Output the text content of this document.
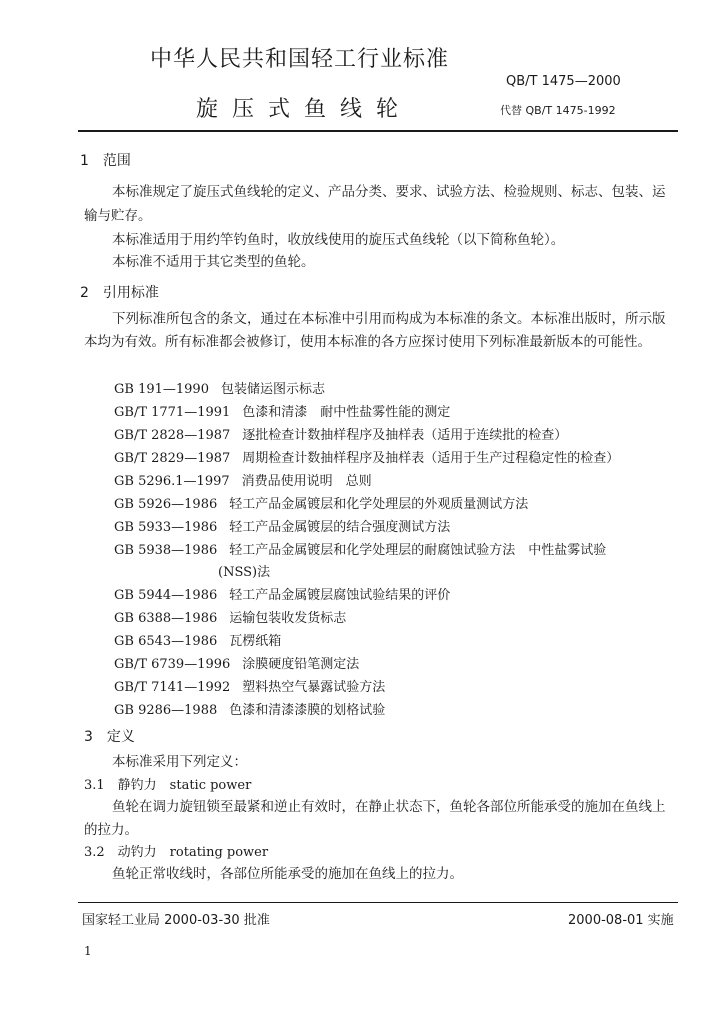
中华人民共和国轻工行业标准
QB/T 1475—2000
旋压式鱼线轮	代替 QB/T 1475-1992
1　范围
本标准规定了旋压式鱼线轮的定义、产品分类、要求、试验方法、检验规则、标志、包装、运输与贮存。
本标准适用于用约竿钓鱼时，收放线使用的旋压式鱼线轮（以下简称鱼轮）。
本标准不适用于其它类型的鱼轮。
2　引用标准
下列标准所包含的条文，通过在本标准中引用而构成为本标准的条文。本标准出版时，所示版本均为有效。所有标准都会被修订，使用本标准的各方应探讨使用下列标准最新版本的可能性。
GB 191—1990 包装储运图示标志
GB/T 1771—1991 色漆和清漆　耐中性盐雾性能的测定
GB/T 2828—1987 逐批检查计数抽样程序及抽样表（适用于连续批的检查）
GB/T 2829—1987 周期检查计数抽样程序及抽样表（适用于生产过程稳定性的检查）
GB 5296.1—1997 消费品使用说明　总则
GB 5926—1986 轻工产品金属镀层和化学处理层的外观质量测试方法
GB 5933—1986 轻工产品金属镀层的结合强度测试方法
GB 5938—1986 轻工产品金属镀层和化学处理层的耐腐蚀试验方法　中性盐雾试验
(NSS)法
GB 5944—1986 轻工产品金属镀层腐蚀试验结果的评价
GB 6388—1986 运输包装收发货标志
GB 6543—1986 瓦楞纸箱
GB/T 6739—1996 涂膜硬度铅笔测定法
GB/T 7141—1992 塑料热空气暴露试验方法
GB 9286—1988 色漆和清漆漆膜的划格试验
3　定义
本标准采用下列定义：
3.1　静钓力　static power
鱼轮在调力旋钮锁至最紧和逆止有效时，在静止状态下，鱼轮各部位所能承受的施加在鱼线上的拉力。
3.2　动钓力　rotating power
鱼轮正常收线时，各部位所能承受的施加在鱼线上的拉力。
国家轻工业局 2000-03-30 批准	2000-08-01 实施
1
